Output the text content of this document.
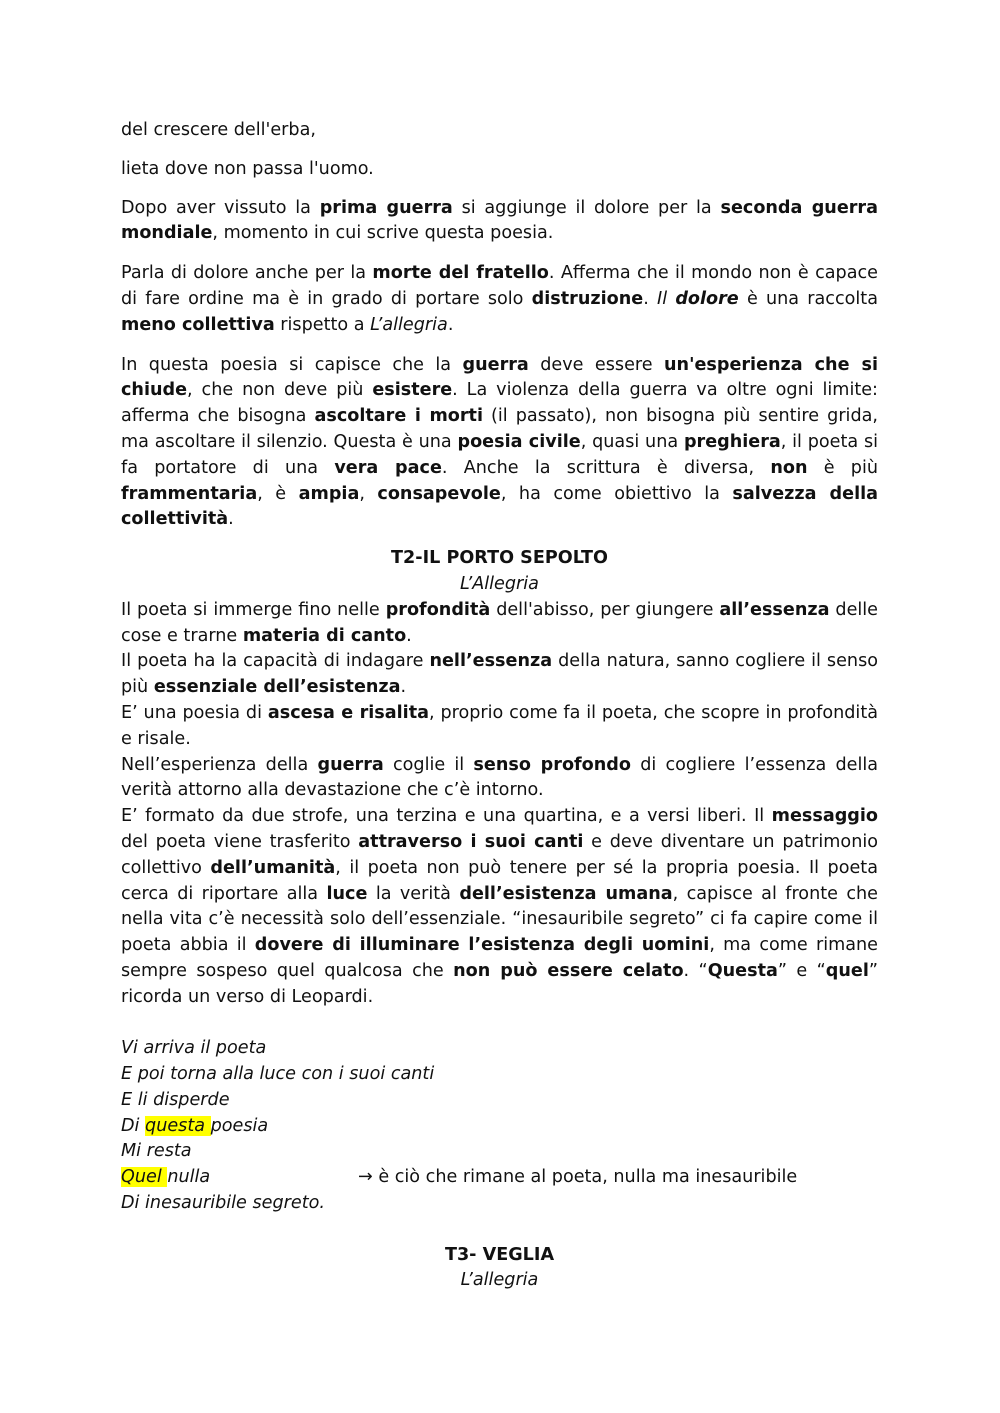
del crescere dell'erba,

lieta dove non passa l'uomo.

Dopo aver vissuto la prima guerra si aggiunge il dolore per la seconda guerra mondiale, momento in cui scrive questa poesia.

Parla di dolore anche per la morte del fratello. Afferma che il mondo non è capace di fare ordine ma è in grado di portare solo distruzione. Il dolore è una raccolta meno collettiva rispetto a L’allegria.

In questa poesia si capisce che la guerra deve essere un'esperienza che si chiude, che non deve più esistere. La violenza della guerra va oltre ogni limite: afferma che bisogna ascoltare i morti (il passato), non bisogna più sentire grida, ma ascoltare il silenzio. Questa è una poesia civile, quasi una preghiera, il poeta si fa portatore di una vera pace. Anche la scrittura è diversa, non è più frammentaria, è ampia, consapevole, ha come obiettivo la salvezza della collettività.

T2-IL PORTO SEPOLTO

L’Allegria

Il poeta si immerge fino nelle profondità dell'abisso, per giungere all’essenza delle cose e trarne materia di canto.

Il poeta ha la capacità di indagare nell’essenza della natura, sanno cogliere il senso più essenziale dell’esistenza.

E’ una poesia di ascesa e risalita, proprio come fa il poeta, che scopre in profondità e risale.

Nell’esperienza della guerra coglie il senso profondo di cogliere l’essenza della verità attorno alla devastazione che c’è intorno.

E’ formato da due strofe, una terzina e una quartina, e a versi liberi. Il messaggio del poeta viene trasferito attraverso i suoi canti e deve diventare un patrimonio collettivo dell’umanità, il poeta non può tenere per sé la propria poesia. Il poeta cerca di riportare alla luce la verità dell’esistenza umana, capisce al fronte che nella vita c’è necessità solo dell’essenziale. “inesauribile segreto” ci fa capire come il poeta abbia il dovere di illuminare l’esistenza degli uomini, ma come rimane sempre sospeso quel qualcosa che non può essere celato. “Questa” e “quel” ricorda un verso di Leopardi.

Vi arriva il poeta
E poi torna alla luce con i suoi canti
E li disperde
Di questa poesia
Mi resta
Quel nulla	→ è ciò che rimane al poeta, nulla ma inesauribile
Di inesauribile segreto.

T3- VEGLIA

L’allegria
